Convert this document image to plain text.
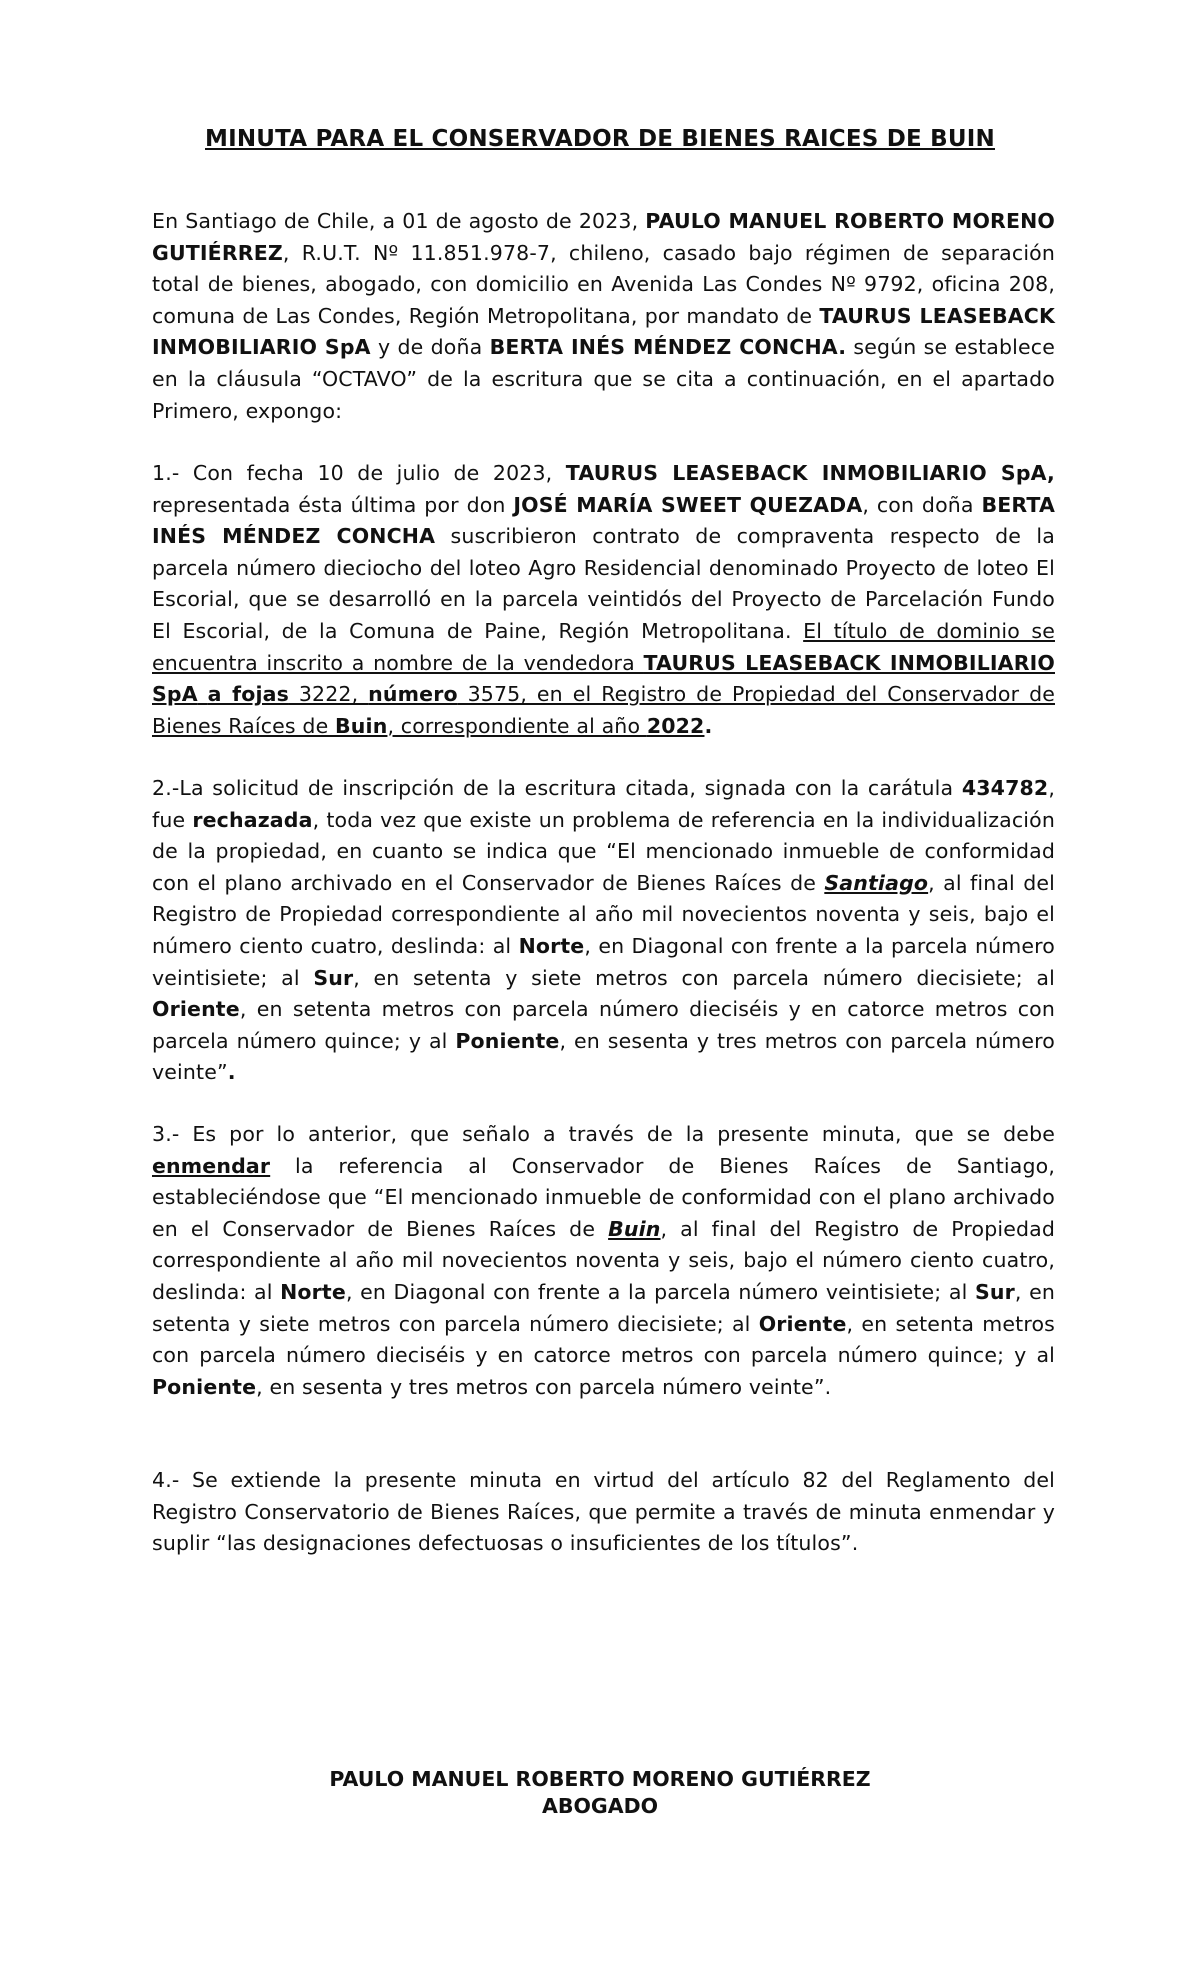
MINUTA PARA EL CONSERVADOR DE BIENES RAICES DE BUIN

En Santiago de Chile, a 01 de agosto de 2023, PAULO MANUEL ROBERTO MORENO GUTIÉRREZ, R.U.T. Nº 11.851.978-7, chileno, casado bajo régimen de separación total de bienes, abogado, con domicilio en Avenida Las Condes Nº 9792, oficina 208, comuna de Las Condes, Región Metropolitana, por mandato de TAURUS LEASEBACK INMOBILIARIO SpA y de doña BERTA INÉS MÉNDEZ CONCHA. según se establece en la cláusula “OCTAVO” de la escritura que se cita a continuación, en el apartado Primero, expongo:

1.- Con fecha 10 de julio de 2023, TAURUS LEASEBACK INMOBILIARIO SpA, representada ésta última por don JOSÉ MARÍA SWEET QUEZADA, con doña BERTA INÉS MÉNDEZ CONCHA suscribieron contrato de compraventa respecto de la parcela número dieciocho del loteo Agro Residencial denominado Proyecto de loteo El Escorial, que se desarrolló en la parcela veintidós del Proyecto de Parcelación Fundo El Escorial, de la Comuna de Paine, Región Metropolitana. El título de dominio se encuentra inscrito a nombre de la vendedora TAURUS LEASEBACK INMOBILIARIO SpA a fojas 3222, número 3575, en el Registro de Propiedad del Conservador de Bienes Raíces de Buin, correspondiente al año 2022.

2.-La solicitud de inscripción de la escritura citada, signada con la carátula 434782, fue rechazada, toda vez que existe un problema de referencia en la individualización de la propiedad, en cuanto se indica que “El mencionado inmueble de conformidad con el plano archivado en el Conservador de Bienes Raíces de Santiago, al final del Registro de Propiedad correspondiente al año mil novecientos noventa y seis, bajo el número ciento cuatro, deslinda: al Norte, en Diagonal con frente a la parcela número veintisiete; al Sur, en setenta y siete metros con parcela número diecisiete; al Oriente, en setenta metros con parcela número dieciséis y en catorce metros con parcela número quince; y al Poniente, en sesenta y tres metros con parcela número veinte”.

3.- Es por lo anterior, que señalo a través de la presente minuta, que se debe enmendar la referencia al Conservador de Bienes Raíces de Santiago, estableciéndose que “El mencionado inmueble de conformidad con el plano archivado en el Conservador de Bienes Raíces de Buin, al final del Registro de Propiedad correspondiente al año mil novecientos noventa y seis, bajo el número ciento cuatro, deslinda: al Norte, en Diagonal con frente a la parcela número veintisiete; al Sur, en setenta y siete metros con parcela número diecisiete; al Oriente, en setenta metros con parcela número dieciséis y en catorce metros con parcela número quince; y al Poniente, en sesenta y tres metros con parcela número veinte”.

4.- Se extiende la presente minuta en virtud del artículo 82 del Reglamento del Registro Conservatorio de Bienes Raíces, que permite a través de minuta enmendar y suplir “las designaciones defectuosas o insuficientes de los títulos”.

PAULO MANUEL ROBERTO MORENO GUTIÉRREZ
ABOGADO
